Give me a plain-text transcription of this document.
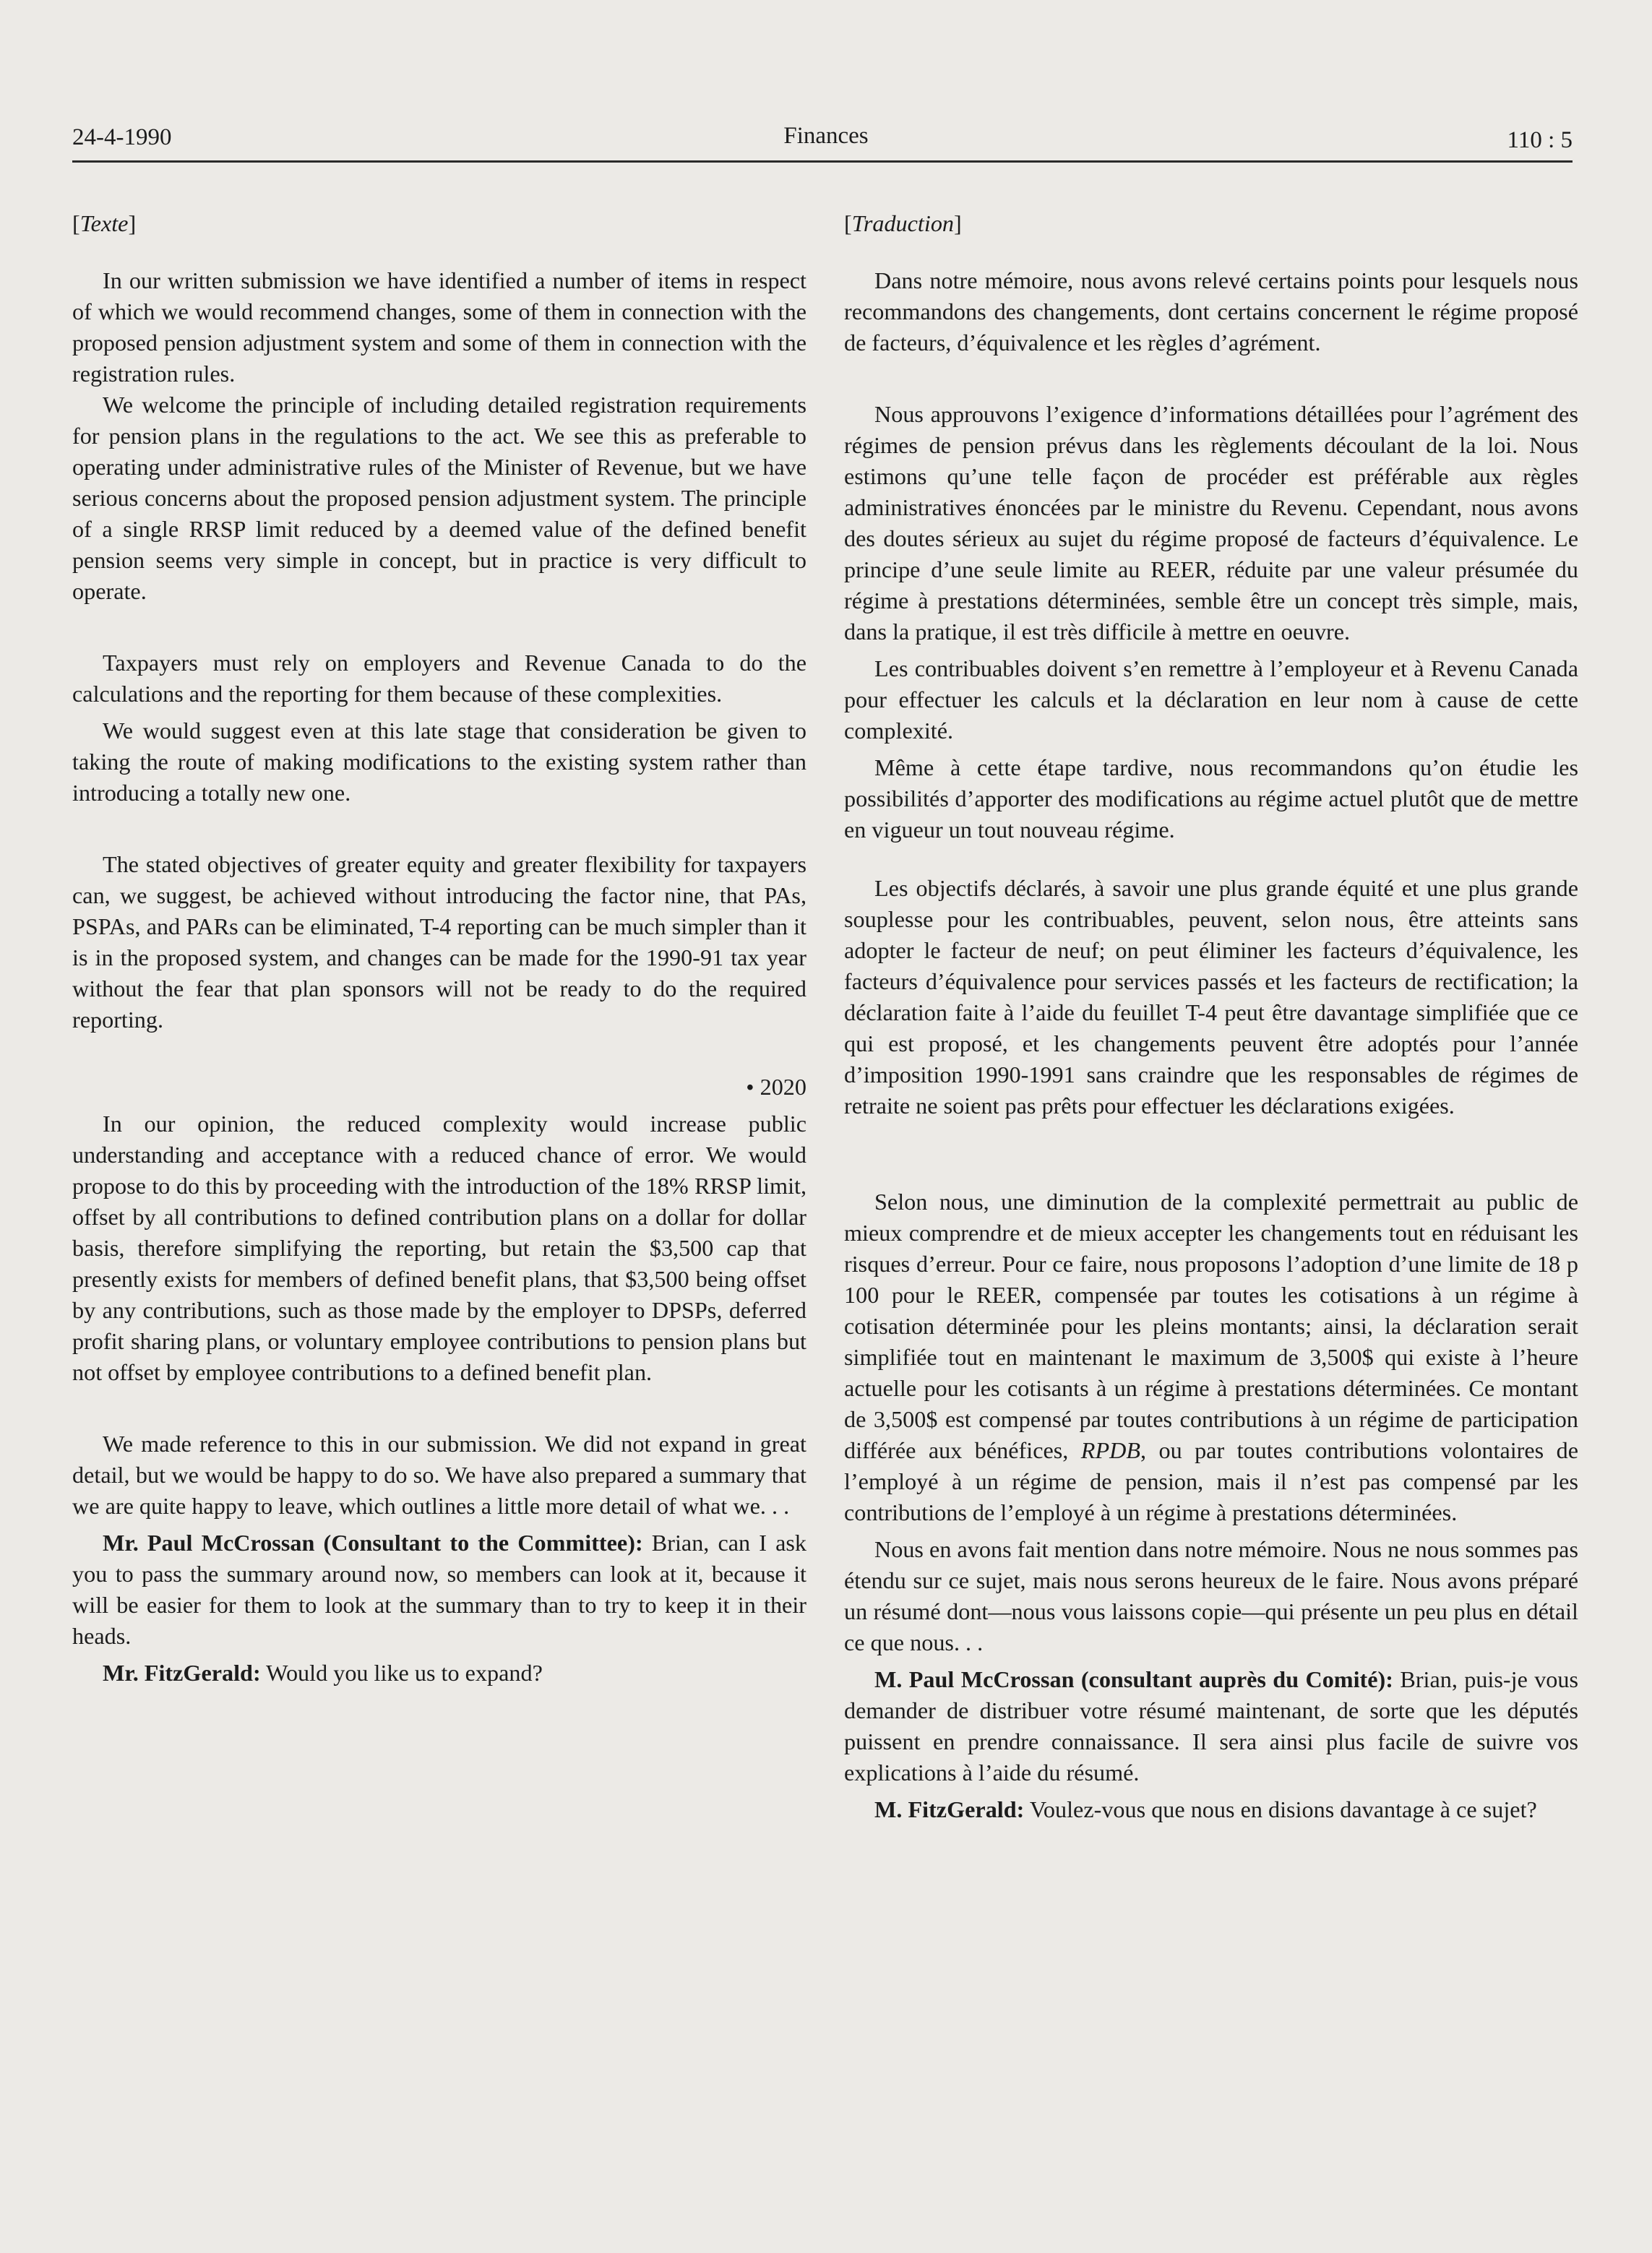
24-4-1990	Finances	110 : 5

[Texte]

In our written submission we have identified a number of items in respect of which we would recommend changes, some of them in connection with the proposed pension adjustment system and some of them in connection with the registration rules.

We welcome the principle of including detailed registration requirements for pension plans in the regulations to the act. We see this as preferable to operating under administrative rules of the Minister of Revenue, but we have serious concerns about the proposed pension adjustment system. The principle of a single RRSP limit reduced by a deemed value of the defined benefit pension seems very simple in concept, but in practice is very difficult to operate.

Taxpayers must rely on employers and Revenue Canada to do the calculations and the reporting for them because of these complexities.

We would suggest even at this late stage that consideration be given to taking the route of making modifications to the existing system rather than introducing a totally new one.

The stated objectives of greater equity and greater flexibility for taxpayers can, we suggest, be achieved without introducing the factor nine, that PAs, PSPAs, and PARs can be eliminated, T-4 reporting can be much simpler than it is in the proposed system, and changes can be made for the 1990-91 tax year without the fear that plan sponsors will not be ready to do the required reporting.

• 2020

In our opinion, the reduced complexity would increase public understanding and acceptance with a reduced chance of error. We would propose to do this by proceeding with the introduction of the 18% RRSP limit, offset by all contributions to defined contribution plans on a dollar for dollar basis, therefore simplifying the reporting, but retain the $3,500 cap that presently exists for members of defined benefit plans, that $3,500 being offset by any contributions, such as those made by the employer to DPSPs, deferred profit sharing plans, or voluntary employee contributions to pension plans but not offset by employee contributions to a defined benefit plan.

We made reference to this in our submission. We did not expand in great detail, but we would be happy to do so. We have also prepared a summary that we are quite happy to leave, which outlines a little more detail of what we. . .

Mr. Paul McCrossan (Consultant to the Committee): Brian, can I ask you to pass the summary around now, so members can look at it, because it will be easier for them to look at the summary than to try to keep it in their heads.

Mr. FitzGerald: Would you like us to expand?

[Traduction]

Dans notre mémoire, nous avons relevé certains points pour lesquels nous recommandons des changements, dont certains concernent le régime proposé de facteurs, d’équivalence et les règles d’agrément.

Nous approuvons l’exigence d’informations détaillées pour l’agrément des régimes de pension prévus dans les règlements découlant de la loi. Nous estimons qu’une telle façon de procéder est préférable aux règles administratives énoncées par le ministre du Revenu. Cependant, nous avons des doutes sérieux au sujet du régime proposé de facteurs d’équivalence. Le principe d’une seule limite au REER, réduite par une valeur présumée du régime à prestations déterminées, semble être un concept très simple, mais, dans la pratique, il est très difficile à mettre en oeuvre.

Les contribuables doivent s’en remettre à l’employeur et à Revenu Canada pour effectuer les calculs et la déclaration en leur nom à cause de cette complexité.

Même à cette étape tardive, nous recommandons qu’on étudie les possibilités d’apporter des modifications au régime actuel plutôt que de mettre en vigueur un tout nouveau régime.

Les objectifs déclarés, à savoir une plus grande équité et une plus grande souplesse pour les contribuables, peuvent, selon nous, être atteints sans adopter le facteur de neuf; on peut éliminer les facteurs d’équivalence, les facteurs d’équivalence pour services passés et les facteurs de rectification; la déclaration faite à l’aide du feuillet T-4 peut être davantage simplifiée que ce qui est proposé, et les changements peuvent être adoptés pour l’année d’imposition 1990-1991 sans craindre que les responsables de régimes de retraite ne soient pas prêts pour effectuer les déclarations exigées.

Selon nous, une diminution de la complexité permettrait au public de mieux comprendre et de mieux accepter les changements tout en réduisant les risques d’erreur. Pour ce faire, nous proposons l’adoption d’une limite de 18 p 100 pour le REER, compensée par toutes les cotisations à un régime à cotisation déterminée pour les pleins montants; ainsi, la déclaration serait simplifiée tout en maintenant le maximum de 3,500$ qui existe à l’heure actuelle pour les cotisants à un régime à prestations déterminées. Ce montant de 3,500$ est compensé par toutes contributions à un régime de participation différée aux bénéfices, RPDB, ou par toutes contributions volontaires de l’employé à un régime de pension, mais il n’est pas compensé par les contributions de l’employé à un régime à prestations déterminées.

Nous en avons fait mention dans notre mémoire. Nous ne nous sommes pas étendu sur ce sujet, mais nous serons heureux de le faire. Nous avons préparé un résumé dont—nous vous laissons copie—qui présente un peu plus en détail ce que nous. . .

M. Paul McCrossan (consultant auprès du Comité): Brian, puis-je vous demander de distribuer votre résumé maintenant, de sorte que les députés puissent en prendre connaissance. Il sera ainsi plus facile de suivre vos explications à l’aide du résumé.

M. FitzGerald: Voulez-vous que nous en disions davantage à ce sujet?
